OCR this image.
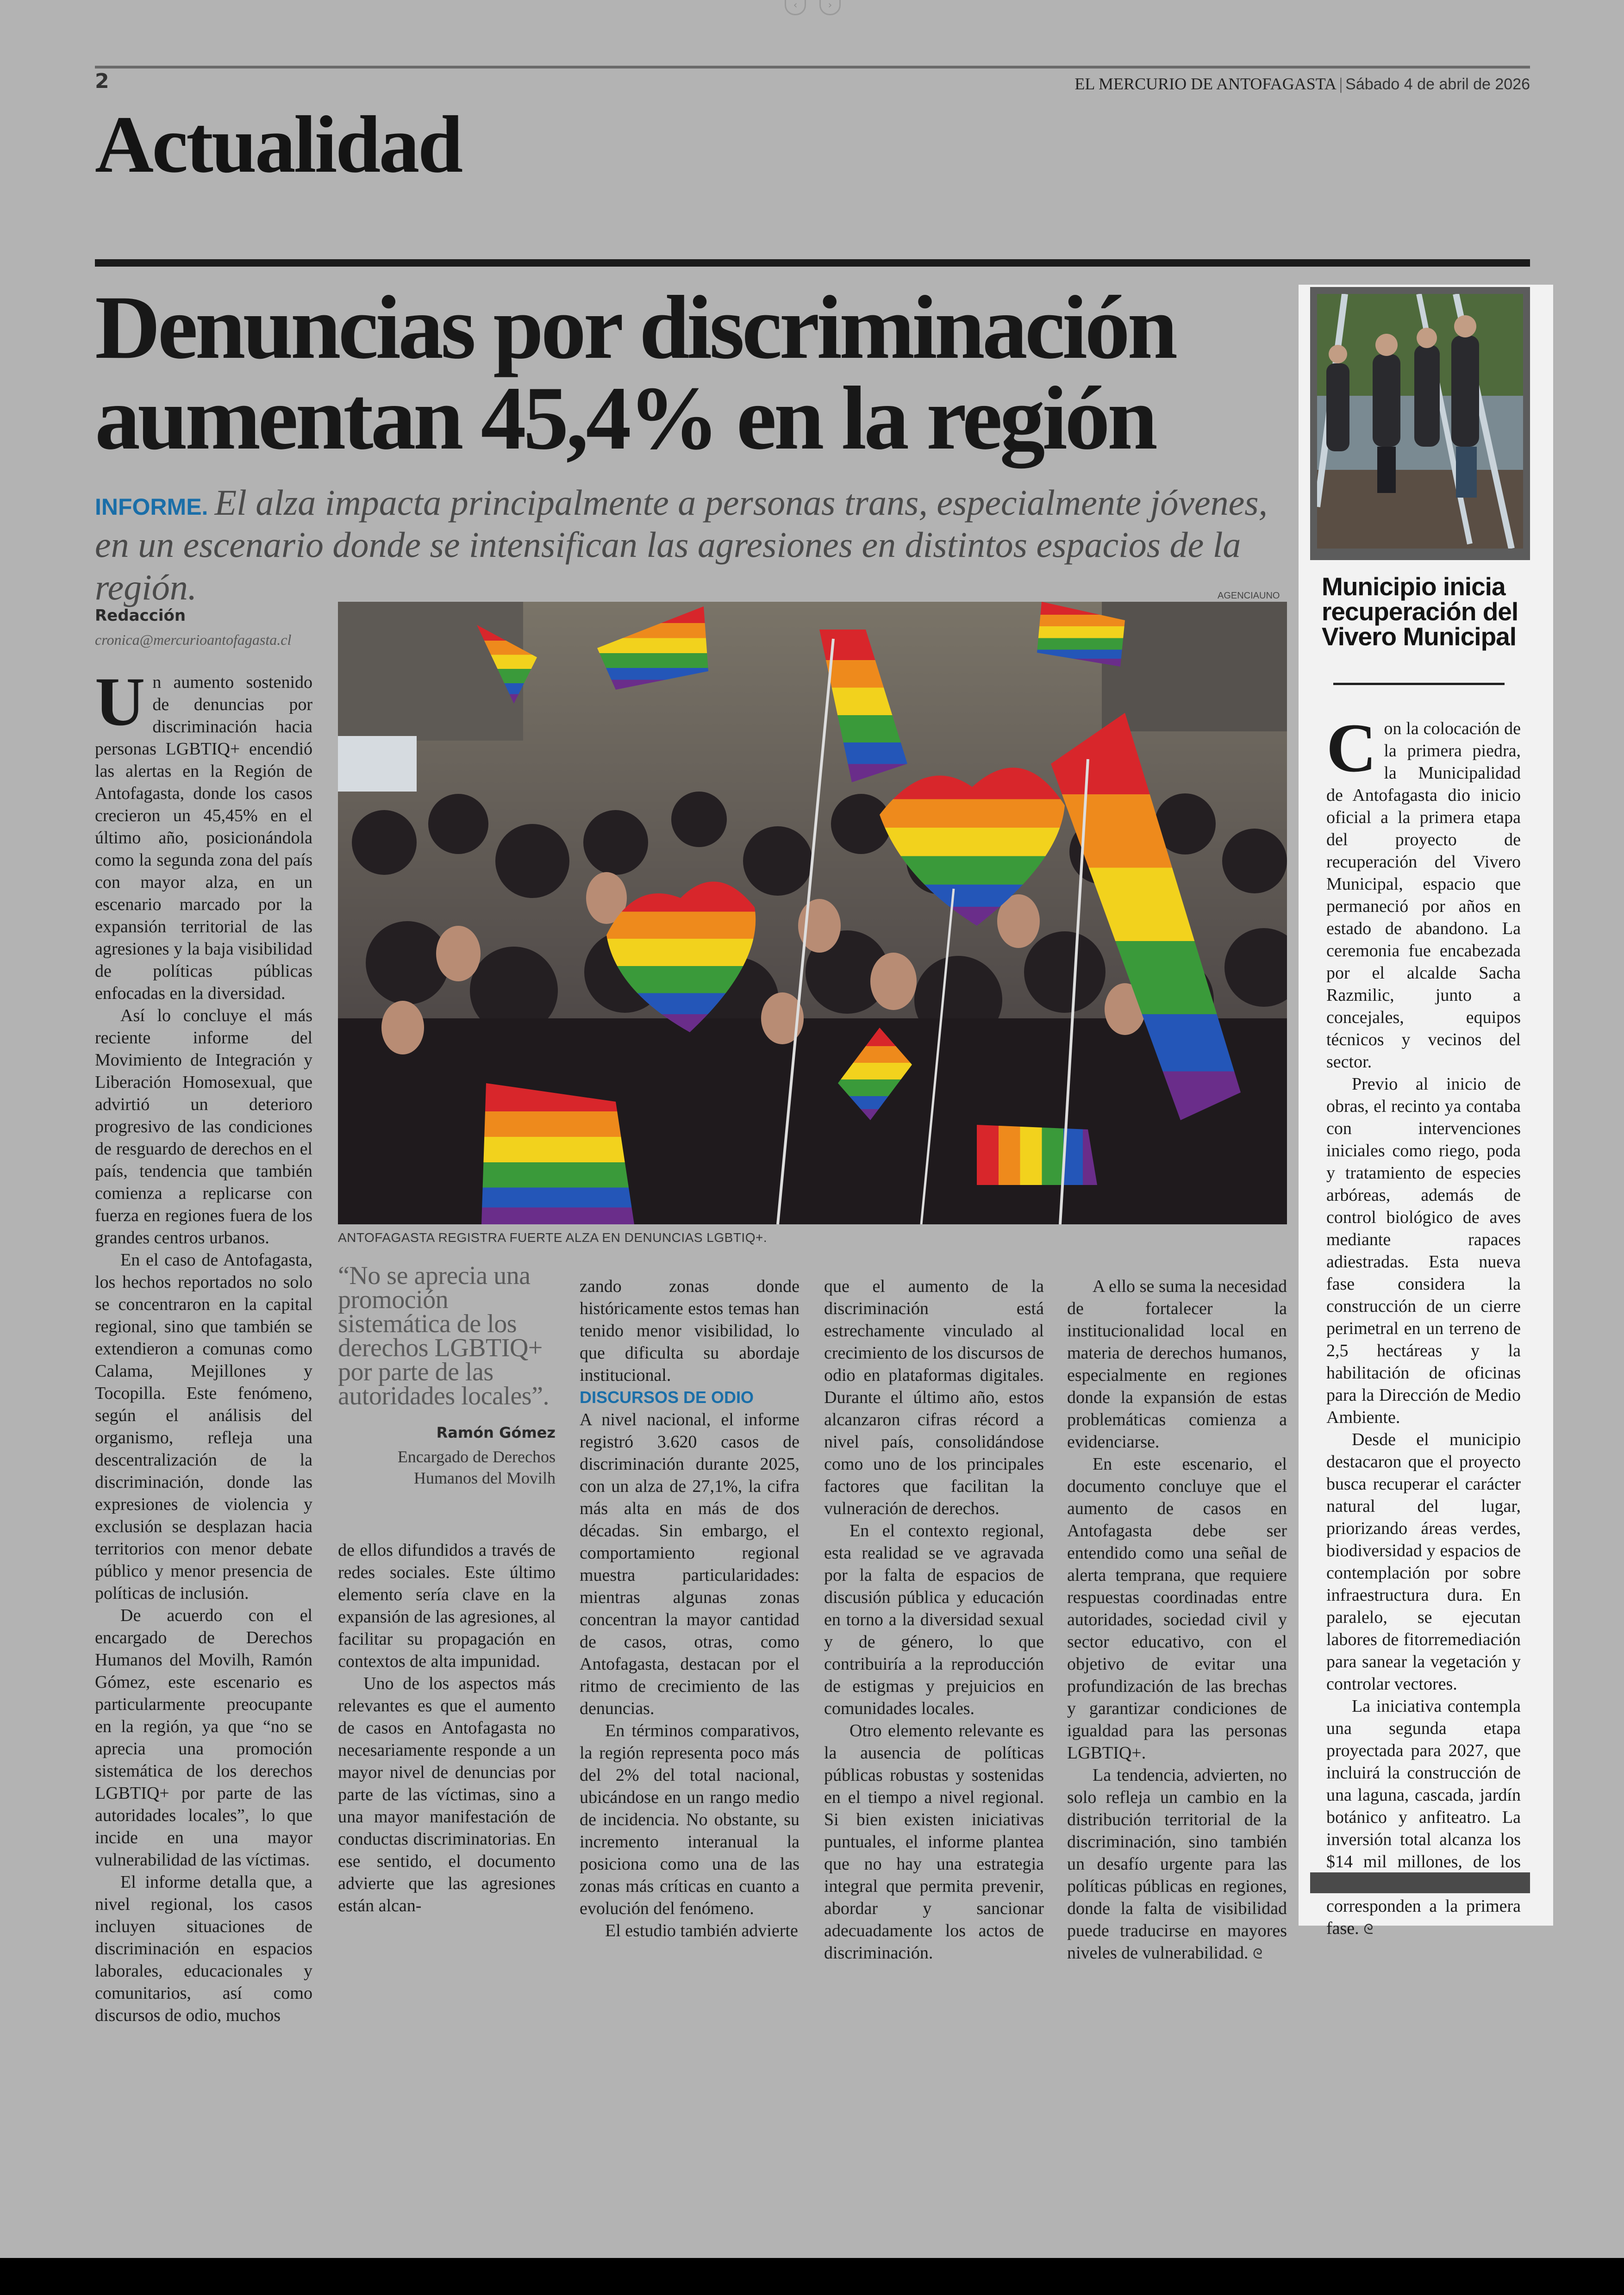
‹	›
2	EL MERCURIO DE ANTOFAGASTA | Sábado 4 de abril de 2026
Actualidad
Denuncias por discriminación
aumentan 45,4% en la región
INFORME. El alza impacta principalmente a personas trans, especialmente jóvenes, en un escenario donde se intensifican las agresiones en distintos espacios de la región.
Redacción
cronica@mercurioantofagasta.cl

Un aumento sostenido de denuncias por discriminación hacia personas LGBTIQ+ encendió las alertas en la Región de Antofagasta, donde los casos crecieron un 45,45% en el último año, posicionándola como la segunda zona del país con mayor alza, en un escenario marcado por la expansión territorial de las agresiones y la baja visibilidad de políticas públicas enfocadas en la diversidad.

Así lo concluye el más reciente informe del Movimiento de Integración y Liberación Homosexual, que advirtió un deterioro progresivo de las condiciones de resguardo de derechos en el país, tendencia que también comienza a replicarse con fuerza en regiones fuera de los grandes centros urbanos.

En el caso de Antofagasta, los hechos reportados no solo se concentraron en la capital regional, sino que también se extendieron a comunas como Calama, Mejillones y Tocopilla. Este fenómeno, según el análisis del organismo, refleja una descentralización de la discriminación, donde las expresiones de violencia y exclusión se desplazan hacia territorios con menor debate público y menor presencia de políticas de inclusión.

De acuerdo con el encargado de Derechos Humanos del Movilh, Ramón Gómez, este escenario es particularmente preocupante en la región, ya que “no se aprecia una promoción sistemática de los derechos LGBTIQ+ por parte de las autoridades locales”, lo que incide en una mayor vulnerabilidad de las víctimas.

El informe detalla que, a nivel regional, los casos incluyen situaciones de discriminación en espacios laborales, educacionales y comunitarios, así como discursos de odio, muchos

AGENCIAUNO
ANTOFAGASTA REGISTRA FUERTE ALZA EN DENUNCIAS LGBTIQ+.
“No se aprecia una promoción sistemática de los derechos LGBTIQ+ por parte de las autoridades locales”.
Ramón Gómez
Encargado de Derechos Humanos del Movilh

de ellos difundidos a través de redes sociales. Este último elemento sería clave en la expansión de las agresiones, al facilitar su propagación en contextos de alta impunidad.

Uno de los aspectos más relevantes es que el aumento de casos en Antofagasta no necesariamente responde a un mayor nivel de denuncias por parte de las víctimas, sino a una mayor manifestación de conductas discriminatorias. En ese sentido, el documento advierte que las agresiones están alcan-

zando zonas donde históricamente estos temas han tenido menor visibilidad, lo que dificulta su abordaje institucional.

DISCURSOS DE ODIO

A nivel nacional, el informe registró 3.620 casos de discriminación durante 2025, con un alza de 27,1%, la cifra más alta en más de dos décadas. Sin embargo, el comportamiento regional muestra particularidades: mientras algunas zonas concentran la mayor cantidad de casos, otras, como Antofagasta, destacan por el ritmo de crecimiento de las denuncias.

En términos comparativos, la región representa poco más del 2% del total nacional, ubicándose en un rango medio de incidencia. No obstante, su incremento interanual la posiciona como una de las zonas más críticas en cuanto a evolución del fenómeno.

El estudio también advierte

que el aumento de la discriminación está estrechamente vinculado al crecimiento de los discursos de odio en plataformas digitales. Durante el último año, estos alcanzaron cifras récord a nivel país, consolidándose como uno de los principales factores que facilitan la vulneración de derechos.

En el contexto regional, esta realidad se ve agravada por la falta de espacios de discusión pública y educación en torno a la diversidad sexual y de género, lo que contribuiría a la reproducción de estigmas y prejuicios en comunidades locales.

Otro elemento relevante es la ausencia de políticas públicas robustas y sostenidas en el tiempo a nivel regional. Si bien existen iniciativas puntuales, el informe plantea que no hay una estrategia integral que permita prevenir, abordar y sancionar adecuadamente los actos de discriminación.

A ello se suma la necesidad de fortalecer la institucionalidad local en materia de derechos humanos, especialmente en regiones donde la expansión de estas problemáticas comienza a evidenciarse.

En este escenario, el documento concluye que el aumento de casos en Antofagasta debe ser entendido como una señal de alerta temprana, que requiere respuestas coordinadas entre autoridades, sociedad civil y sector educativo, con el objetivo de evitar una profundización de las brechas y garantizar condiciones de igualdad para las personas LGBTIQ+.

La tendencia, advierten, no solo refleja un cambio en la distribución territorial de la discriminación, sino también un desafío urgente para las políticas públicas en regiones, donde la falta de visibilidad puede traducirse en mayores niveles de vulnerabilidad. ᘓ

Municipio inicia recuperación del Vivero Municipal

Con la colocación de la primera piedra, la Municipalidad de Antofagasta dio inicio oficial a la primera etapa del proyecto de recuperación del Vivero Municipal, espacio que permaneció por años en estado de abandono. La ceremonia fue encabezada por el alcalde Sacha Razmilic, junto a concejales, equipos técnicos y vecinos del sector.

Previo al inicio de obras, el recinto ya contaba con intervenciones iniciales como riego, poda y tratamiento de especies arbóreas, además de control biológico de aves mediante rapaces adiestradas. Esta nueva fase considera la construcción de un cierre perimetral en un terreno de 2,5 hectáreas y la habilitación de oficinas para la Dirección de Medio Ambiente.

Desde el municipio destacaron que el proyecto busca recuperar el carácter natural del lugar, priorizando áreas verdes, biodiversidad y espacios de contemplación por sobre infraestructura dura. En paralelo, se ejecutan labores de fitorremediación para sanear la vegetación y controlar vectores.

La iniciativa contempla una segunda etapa proyectada para 2027, que incluirá la construcción de una laguna, cascada, jardín botánico y anfiteatro. La inversión total alcanza los $14 mil millones, de los corresponden a la primera fase. ᘓ
